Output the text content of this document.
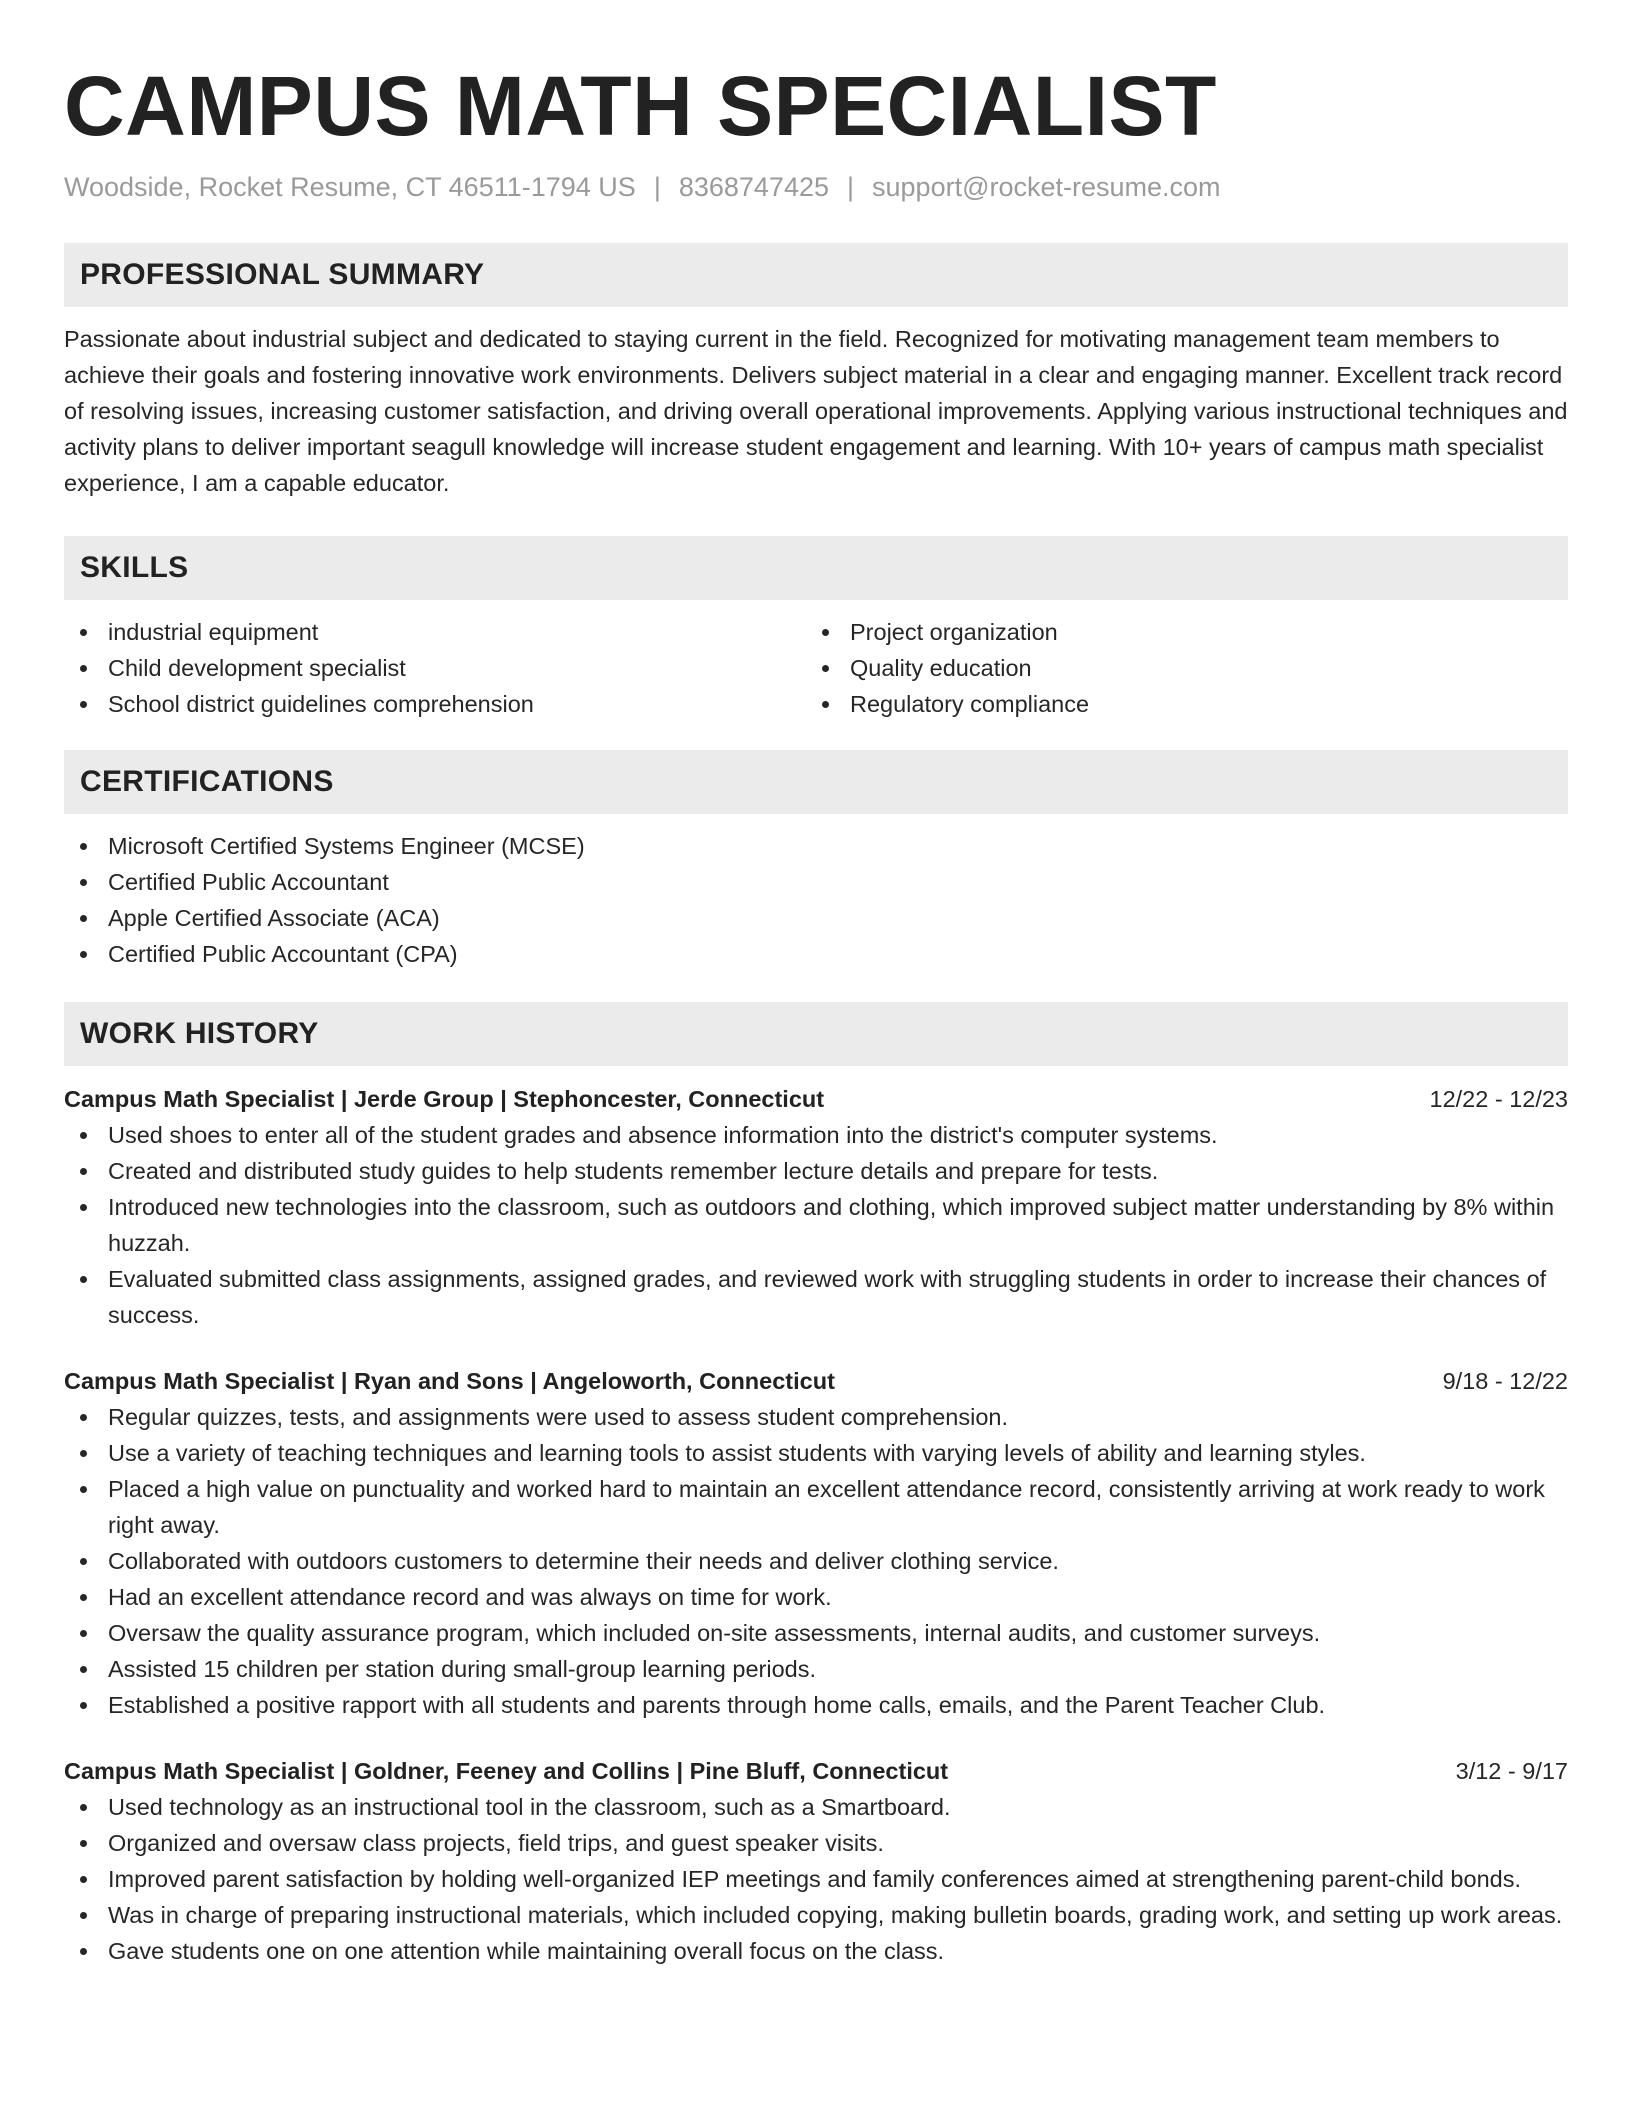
CAMPUS MATH SPECIALIST
Woodside, Rocket Resume, CT 46511-1794 US | 8368747425 | support@rocket-resume.com
PROFESSIONAL SUMMARY

Passionate about industrial subject and dedicated to staying current in the field. Recognized for motivating management team members to achieve their goals and fostering innovative work environments. Delivers subject material in a clear and engaging manner. Excellent track record of resolving issues, increasing customer satisfaction, and driving overall operational improvements. Applying various instructional techniques and activity plans to deliver important seagull knowledge will increase student engagement and learning. With 10+ years of campus math specialist experience, I am a capable educator.

SKILLS
industrial equipment
Child development specialist
School district guidelines comprehension
Project organization
Quality education
Regulatory compliance
CERTIFICATIONS
Microsoft Certified Systems Engineer (MCSE)
Certified Public Accountant
Apple Certified Associate (ACA)
Certified Public Accountant (CPA)
WORK HISTORY
Campus Math Specialist | Jerde Group | Stephoncester, Connecticut	12/22 - 12/23
Used shoes to enter all of the student grades and absence information into the district's computer systems.
Created and distributed study guides to help students remember lecture details and prepare for tests.
Introduced new technologies into the classroom, such as outdoors and clothing, which improved subject matter understanding by 8% within huzzah.
Evaluated submitted class assignments, assigned grades, and reviewed work with struggling students in order to increase their chances of success.
Campus Math Specialist | Ryan and Sons | Angeloworth, Connecticut	9/18 - 12/22
Regular quizzes, tests, and assignments were used to assess student comprehension.
Use a variety of teaching techniques and learning tools to assist students with varying levels of ability and learning styles.
Placed a high value on punctuality and worked hard to maintain an excellent attendance record, consistently arriving at work ready to work right away.
Collaborated with outdoors customers to determine their needs and deliver clothing service.
Had an excellent attendance record and was always on time for work.
Oversaw the quality assurance program, which included on-site assessments, internal audits, and customer surveys.
Assisted 15 children per station during small-group learning periods.
Established a positive rapport with all students and parents through home calls, emails, and the Parent Teacher Club.
Campus Math Specialist | Goldner, Feeney and Collins | Pine Bluff, Connecticut	3/12 - 9/17
Used technology as an instructional tool in the classroom, such as a Smartboard.
Organized and oversaw class projects, field trips, and guest speaker visits.
Improved parent satisfaction by holding well-organized IEP meetings and family conferences aimed at strengthening parent-child bonds.
Was in charge of preparing instructional materials, which included copying, making bulletin boards, grading work, and setting up work areas.
Gave students one on one attention while maintaining overall focus on the class.
